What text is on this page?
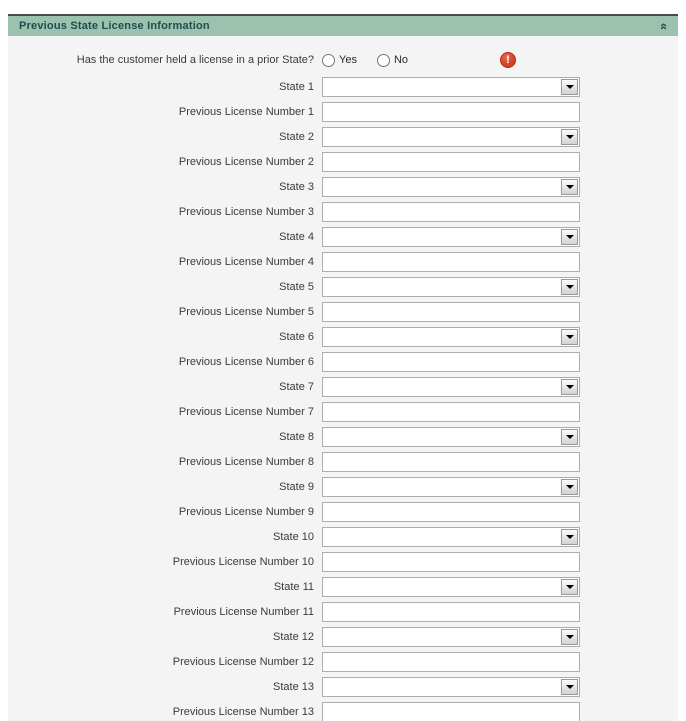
Previous State License Information	«
Has the customer held a license in a prior State?	Yes	No	!
State 1
Previous License Number 1
State 2
Previous License Number 2
State 3
Previous License Number 3
State 4
Previous License Number 4
State 5
Previous License Number 5
State 6
Previous License Number 6
State 7
Previous License Number 7
State 8
Previous License Number 8
State 9
Previous License Number 9
State 10
Previous License Number 10
State 11
Previous License Number 11
State 12
Previous License Number 12
State 13
Previous License Number 13
